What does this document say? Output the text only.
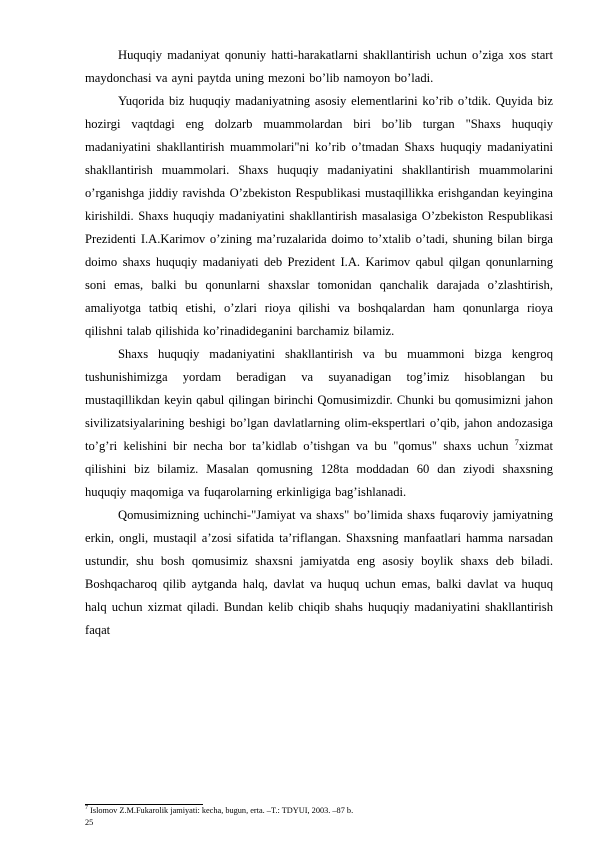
Huquqiy madaniyat qonuniy hatti-harakatlarni shakllantirish uchun o’ziga xos start maydonchasi va ayni paytda uning mezoni bo’lib namoyon bo’ladi.

Yuqorida biz huquqiy madaniyatning asosiy elementlarini ko’rib o’tdik. Quyida biz hozirgi vaqtdagi eng dolzarb muammolardan biri bo’lib turgan "Shaxs huquqiy madaniyatini shakllantirish muammolari"ni ko’rib o’tmadan Shaxs huquqiy madaniyatini shakllantirish muammolari. Shaxs huquqiy madaniyatini shakllantirish muammolarini o’rganishga jiddiy ravishda O’zbekiston Respublikasi mustaqillikka erishgandan keyingina kirishildi. Shaxs huquqiy madaniyatini shakllantirish masalasiga O’zbekiston Respublikasi Prezidenti I.A.Karimov o’zining ma’ruzalarida doimo to’xtalib o’tadi, shuning bilan birga doimo shaxs huquqiy madaniyati deb Prezident I.A. Karimov qabul qilgan qonunlarning soni emas, balki bu qonunlarni shaxslar tomonidan qanchalik darajada o’zlashtirish, amaliyotga tatbiq etishi, o’zlari rioya qilishi va boshqalardan ham qonunlarga rioya qilishni talab qilishida ko’rinadideganini barchamiz bilamiz.

Shaxs huquqiy madaniyatini shakllantirish va bu muammoni bizga kengroq tushunishimizga yordam beradigan va suyanadigan tog’imiz hisoblangan bu mustaqillikdan keyin qabul qilingan birinchi Qomusimizdir. Chunki bu qomusimizni jahon sivilizatsiyalarining beshigi bo’lgan davlatlarning olim-ekspertlari o’qib, jahon andozasiga to’g’ri kelishini bir necha bor ta’kidlab o’tishgan va bu "qomus" shaxs uchun $^7$xizmat qilishini biz bilamiz. Masalan qomusning 128ta moddadan 60 dan ziyodi shaxsning huquqiy maqomiga va fuqarolarning erkinligiga bag’ishlanadi.

Qomusimizning uchinchi-"Jamiyat va shaxs" bo’limida shaxs fuqaroviy jamiyatning erkin, ongli, mustaqil a’zosi sifatida ta’riflangan. Shaxsning manfaatlari hamma narsadan ustundir, shu bosh qomusimiz shaxsni jamiyatda eng asosiy boylik shaxs deb biladi. Boshqacharoq qilib aytganda halq, davlat va huquq uchun emas, balki davlat va huquq halq uchun xizmat qiladi. Bundan kelib chiqib shahs huquqiy madaniyatini shakllantirish faqat

$^7$ Islomov Z.M.Fukarolik jamiyati: kecha, bugun, erta. –T.: TDYUI, 2003. –87 b.
25
